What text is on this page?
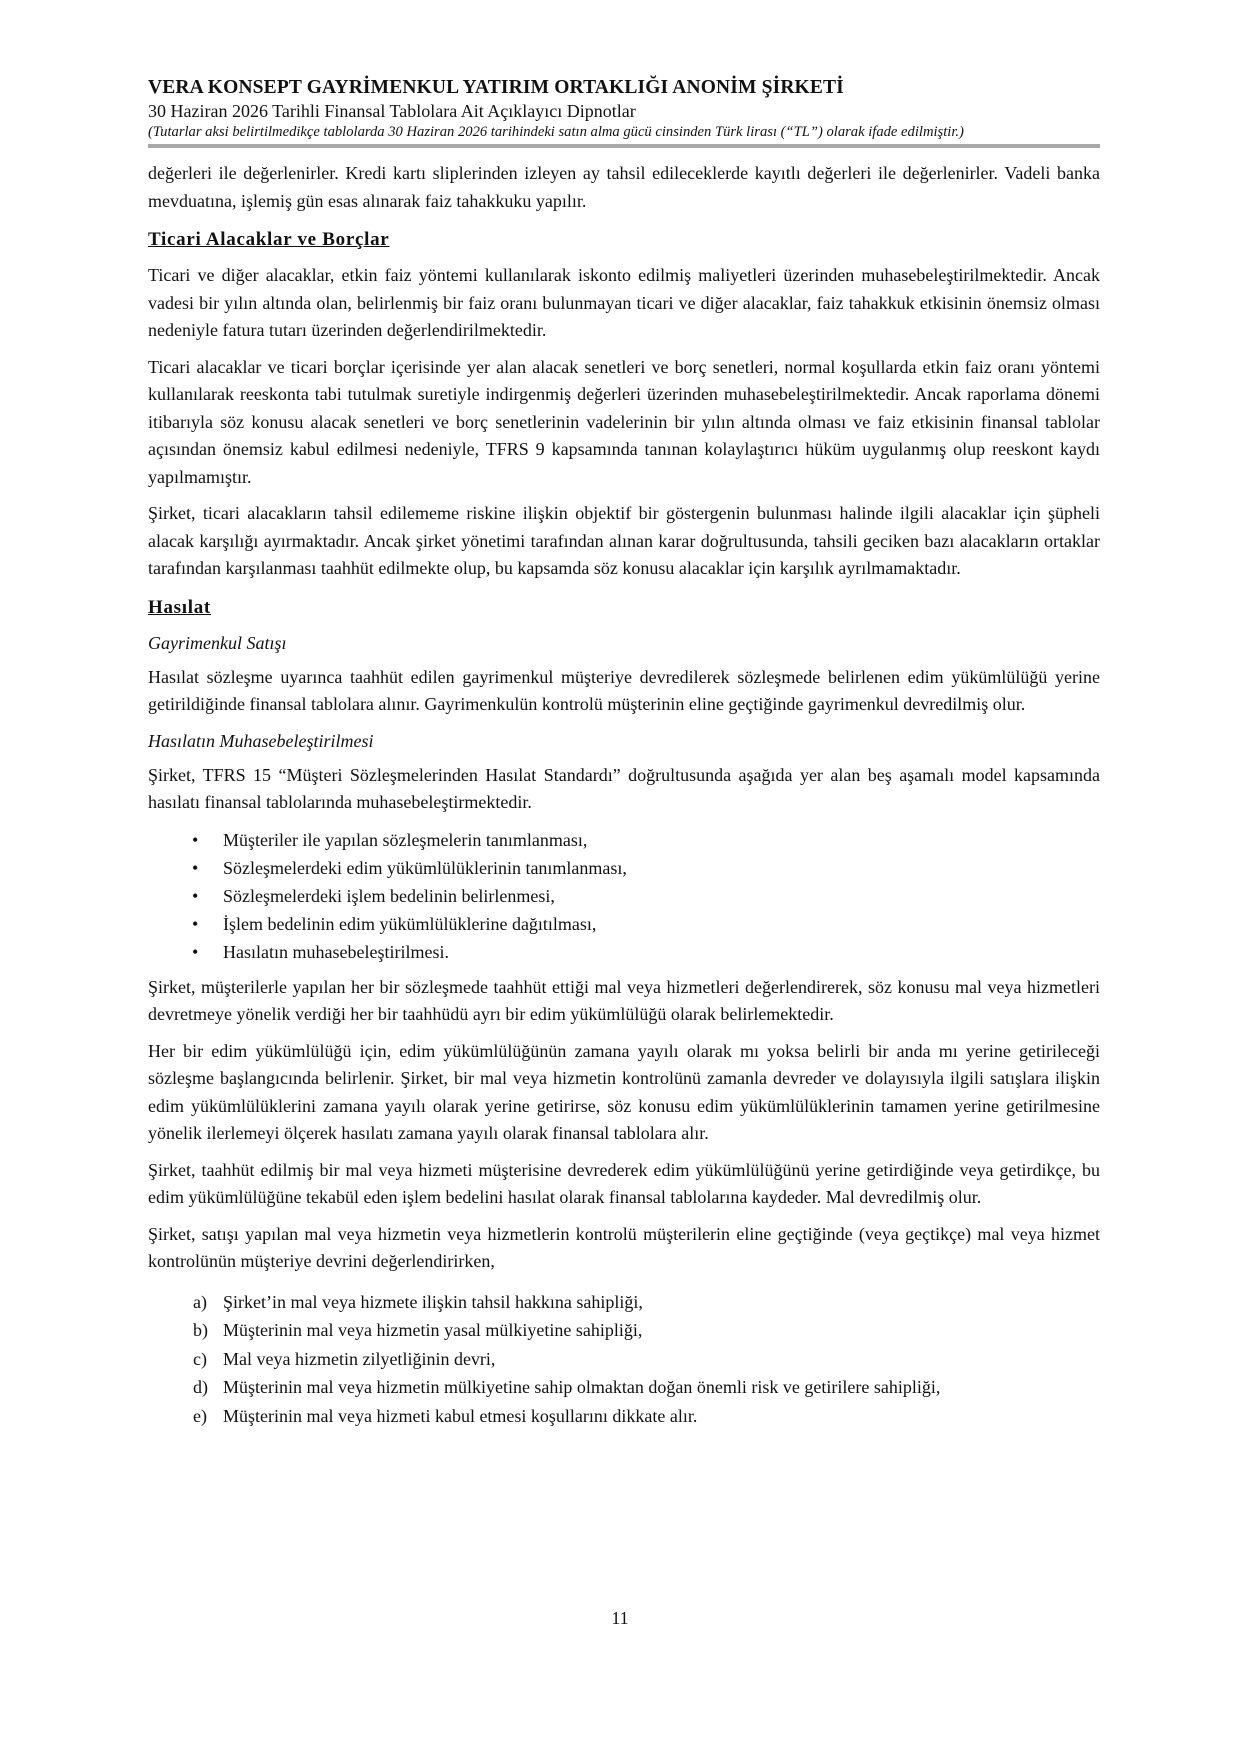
VERA KONSEPT GAYRİMENKUL YATIRIM ORTAKLIĞI ANONİM ŞİRKETİ
30 Haziran 2026 Tarihli Finansal Tablolara Ait Açıklayıcı Dipnotlar
(Tutarlar aksi belirtilmedikçe tablolarda 30 Haziran 2026 tarihindeki satın alma gücü cinsinden Türk lirası (“TL”) olarak ifade edilmiştir.)

değerleri ile değerlenirler. Kredi kartı sliplerinden izleyen ay tahsil edileceklerde kayıtlı değerleri ile değerlenirler. Vadeli banka mevduatına, işlemiş gün esas alınarak faiz tahakkuku yapılır.

Ticari Alacaklar ve Borçlar

Ticari ve diğer alacaklar, etkin faiz yöntemi kullanılarak iskonto edilmiş maliyetleri üzerinden muhasebeleştirilmektedir. Ancak vadesi bir yılın altında olan, belirlenmiş bir faiz oranı bulunmayan ticari ve diğer alacaklar, faiz tahakkuk etkisinin önemsiz olması nedeniyle fatura tutarı üzerinden değerlendirilmektedir.

Ticari alacaklar ve ticari borçlar içerisinde yer alan alacak senetleri ve borç senetleri, normal koşullarda etkin faiz oranı yöntemi kullanılarak reeskonta tabi tutulmak suretiyle indirgenmiş değerleri üzerinden muhasebeleştirilmektedir. Ancak raporlama dönemi itibarıyla söz konusu alacak senetleri ve borç senetlerinin vadelerinin bir yılın altında olması ve faiz etkisinin finansal tablolar açısından önemsiz kabul edilmesi nedeniyle, TFRS 9 kapsamında tanınan kolaylaştırıcı hüküm uygulanmış olup reeskont kaydı yapılmamıştır.

Şirket, ticari alacakların tahsil edilememe riskine ilişkin objektif bir göstergenin bulunması halinde ilgili alacaklar için şüpheli alacak karşılığı ayırmaktadır. Ancak şirket yönetimi tarafından alınan karar doğrultusunda, tahsili geciken bazı alacakların ortaklar tarafından karşılanması taahhüt edilmekte olup, bu kapsamda söz konusu alacaklar için karşılık ayrılmamaktadır.

Hasılat
Gayrimenkul Satışı

Hasılat sözleşme uyarınca taahhüt edilen gayrimenkul müşteriye devredilerek sözleşmede belirlenen edim yükümlülüğü yerine getirildiğinde finansal tablolara alınır. Gayrimenkulün kontrolü müşterinin eline geçtiğinde gayrimenkul devredilmiş olur.

Hasılatın Muhasebeleştirilmesi

Şirket, TFRS 15 “Müşteri Sözleşmelerinden Hasılat Standardı” doğrultusunda aşağıda yer alan beş aşamalı model kapsamında hasılatı finansal tablolarında muhasebeleştirmektedir.

• Müşteriler ile yapılan sözleşmelerin tanımlanması,
• Sözleşmelerdeki edim yükümlülüklerinin tanımlanması,
• Sözleşmelerdeki işlem bedelinin belirlenmesi,
• İşlem bedelinin edim yükümlülüklerine dağıtılması,
• Hasılatın muhasebeleştirilmesi.

Şirket, müşterilerle yapılan her bir sözleşmede taahhüt ettiği mal veya hizmetleri değerlendirerek, söz konusu mal veya hizmetleri devretmeye yönelik verdiği her bir taahhüdü ayrı bir edim yükümlülüğü olarak belirlemektedir.

Her bir edim yükümlülüğü için, edim yükümlülüğünün zamana yayılı olarak mı yoksa belirli bir anda mı yerine getirileceği sözleşme başlangıcında belirlenir. Şirket, bir mal veya hizmetin kontrolünü zamanla devreder ve dolayısıyla ilgili satışlara ilişkin edim yükümlülüklerini zamana yayılı olarak yerine getirirse, söz konusu edim yükümlülüklerinin tamamen yerine getirilmesine yönelik ilerlemeyi ölçerek hasılatı zamana yayılı olarak finansal tablolara alır.

Şirket, taahhüt edilmiş bir mal veya hizmeti müşterisine devrederek edim yükümlülüğünü yerine getirdiğinde veya getirdikçe, bu edim yükümlülüğüne tekabül eden işlem bedelini hasılat olarak finansal tablolarına kaydeder. Mal devredilmiş olur.

Şirket, satışı yapılan mal veya hizmetin veya hizmetlerin kontrolü müşterilerin eline geçtiğinde (veya geçtikçe) mal veya hizmet kontrolünün müşteriye devrini değerlendirirken,

a) Şirket’in mal veya hizmete ilişkin tahsil hakkına sahipliği,
b) Müşterinin mal veya hizmetin yasal mülkiyetine sahipliği,
c) Mal veya hizmetin zilyetliğinin devri,
d) Müşterinin mal veya hizmetin mülkiyetine sahip olmaktan doğan önemli risk ve getirilere sahipliği,
e) Müşterinin mal veya hizmeti kabul etmesi koşullarını dikkate alır.
11
